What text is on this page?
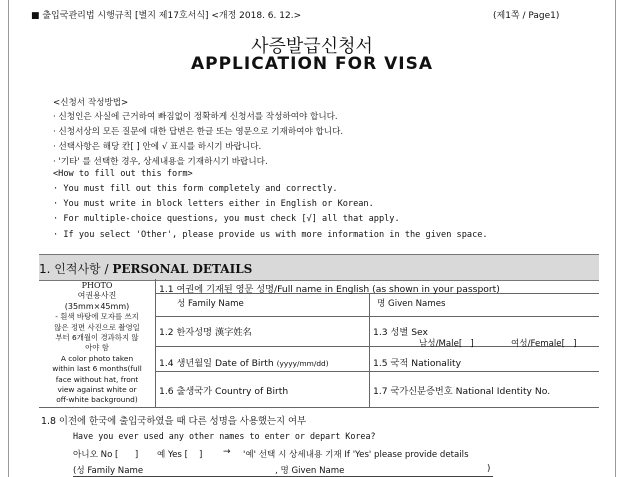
■ 출입국관리법 시행규칙 [별지 제17호서식] <개정 2018. 6. 12.>	(제1쪽 / Page1)
사증발급신청서
APPLICATION FOR VISA
<신청서 작성방법>
· 신청인은 사실에 근거하여 빠짐없이 정확하게 신청서를 작성하여야 합니다.
· 신청서상의 모든 질문에 대한 답변은 한글 또는 영문으로 기재하여야 합니다.
· 선택사항은 해당 칸[ ] 안에 √ 표시를 하시기 바랍니다.
· '기타' 를 선택한 경우, 상세내용을 기재하시기 바랍니다.
<How to fill out this form>
· You must fill out this form completely and correctly.
· You must write in block letters either in English or Korean.
· For multiple-choice questions, you must check [√] all that apply.
· If you select 'Other', please provide us with more information in the given space.
1. 인적사항 / PERSONAL DETAILS
PHOTO
여권용사진
(35mm×45mm)
- 흰색 바탕에 모자를 쓰지
않은 정면 사진으로 촬영일
부터 6개월이 경과하지 않
아야 함
A color photo taken
within last 6 months(full
face without hat, front
view against white or
off-white background)
1.1 여권에 기재된 영문 성명/Full name in English (as shown in your passport)
성 Family Name	명 Given Names
1.2 한자성명 漢字姓名	1.3 성별 Sex
남성/Male[ ]	여성/Female[ ]
1.4 생년월일 Date of Birth (yyyy/mm/dd)	1.5 국적 Nationality
1.6 출생국가 Country of Birth	1.7 국가신분증번호 National Identity No.
1.8 이전에 한국에 출입국하였을 때 다른 성명을 사용했는지 여부
Have you ever used any other names to enter or depart Korea?
아니오 No [ ] 예 Yes [ ] → '예' 선택 시 상세내용 기재 If 'Yes' please provide details
(성 Family Name	, 명 Given Name	)
